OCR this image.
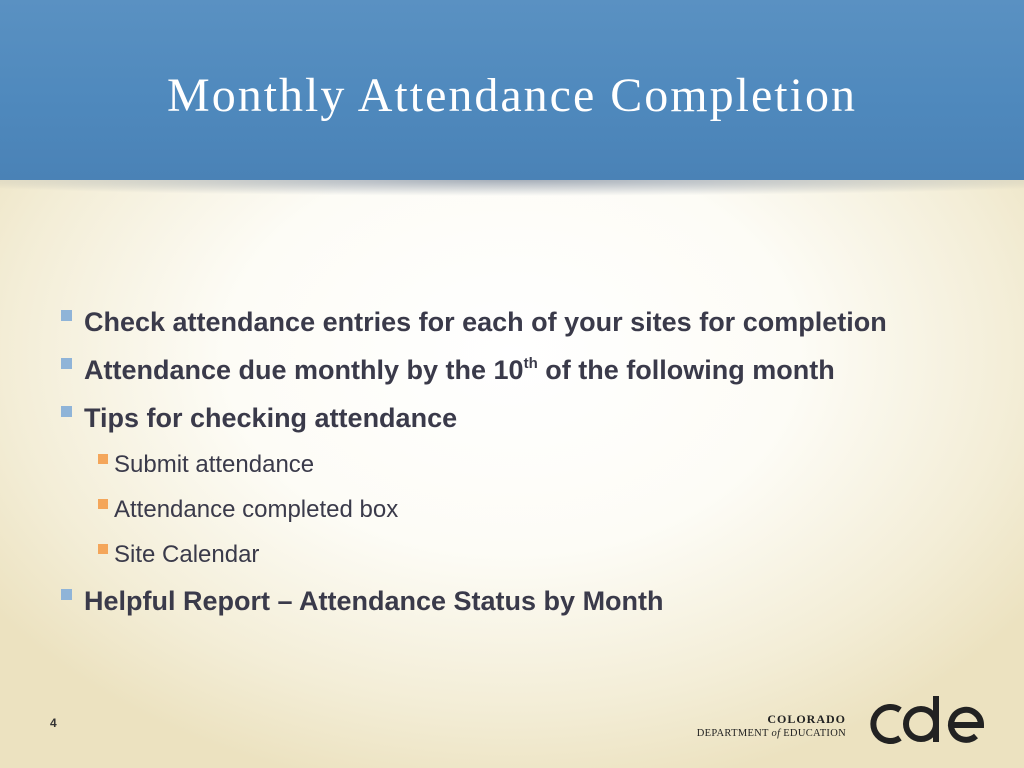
Monthly Attendance Completion
Check attendance entries for each of your sites for completion
Attendance due monthly by the 10th of the following month
Tips for checking attendance
Submit attendance
Attendance completed box
Site Calendar
Helpful Report – Attendance Status by Month
4	COLORADO
DEPARTMENT of EDUCATION
